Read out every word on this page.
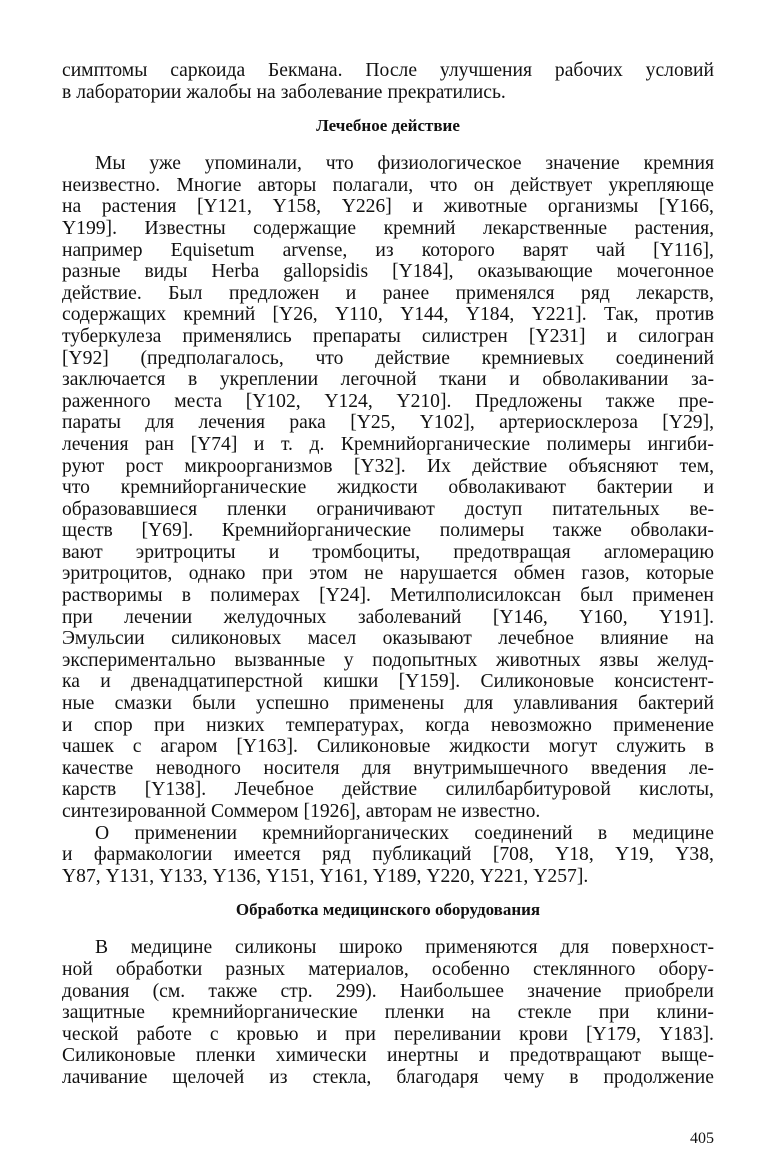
симптомы саркоида Бекмана. После улучшения рабочих условий
в лаборатории жалобы на заболевание прекратились.
Лечебное действие
Мы уже упоминали, что физиологическое значение кремния
неизвестно. Многие авторы полагали, что он действует укрепляюще
на растения [Y121, Y158, Y226] и животные организмы [Y166,
Y199]. Известны содержащие кремний лекарственные растения,
например Equisetum arvense, из которого варят чай [Y116],
разные виды Herba gallopsidis [Y184], оказывающие мочегонное
действие. Был предложен и ранее применялся ряд лекарств,
содержащих кремний [Y26, Y110, Y144, Y184, Y221]. Так, против
туберкулеза применялись препараты силистрен [Y231] и силогран
[Y92] (предполагалось, что действие кремниевых соединений
заключается в укреплении легочной ткани и обволакивании за-
раженного места [Y102, Y124, Y210]. Предложены также пре-
параты для лечения рака [Y25, Y102], артериосклероза [Y29],
лечения ран [Y74] и т. д. Кремнийорганические полимеры ингиби-
руют рост микроорганизмов [Y32]. Их действие объясняют тем,
что кремнийорганические жидкости обволакивают бактерии и
образовавшиеся пленки ограничивают доступ питательных ве-
ществ [Y69]. Кремнийорганические полимеры также обволаки-
вают эритроциты и тромбоциты, предотвращая агломерацию
эритроцитов, однако при этом не нарушается обмен газов, которые
растворимы в полимерах [Y24]. Метилполисилоксан был применен
при лечении желудочных заболеваний [Y146, Y160, Y191].
Эмульсии силиконовых масел оказывают лечебное влияние на
экспериментально вызванные у подопытных животных язвы желуд-
ка и двенадцатиперстной кишки [Y159]. Силиконовые консистент-
ные смазки были успешно применены для улавливания бактерий
и спор при низких температурах, когда невозможно применение
чашек с агаром [Y163]. Силиконовые жидкости могут служить в
качестве неводного носителя для внутримышечного введения ле-
карств [Y138]. Лечебное действие силилбарбитуровой кислоты,
синтезированной Соммером [1926], авторам не известно.
О применении кремнийорганических соединений в медицине
и фармакологии имеется ряд публикаций [708, Y18, Y19, Y38,
Y87, Y131, Y133, Y136, Y151, Y161, Y189, Y220, Y221, Y257].
Обработка медицинского оборудования
В медицине силиконы широко применяются для поверхност-
ной обработки разных материалов, особенно стеклянного обору-
дования (см. также стр. 299). Наибольшее значение приобрели
защитные кремнийорганические пленки на стекле при клини-
ческой работе с кровью и при переливании крови [Y179, Y183].
Силиконовые пленки химически инертны и предотвращают выще-
лачивание щелочей из стекла, благодаря чему в продолжение
405
